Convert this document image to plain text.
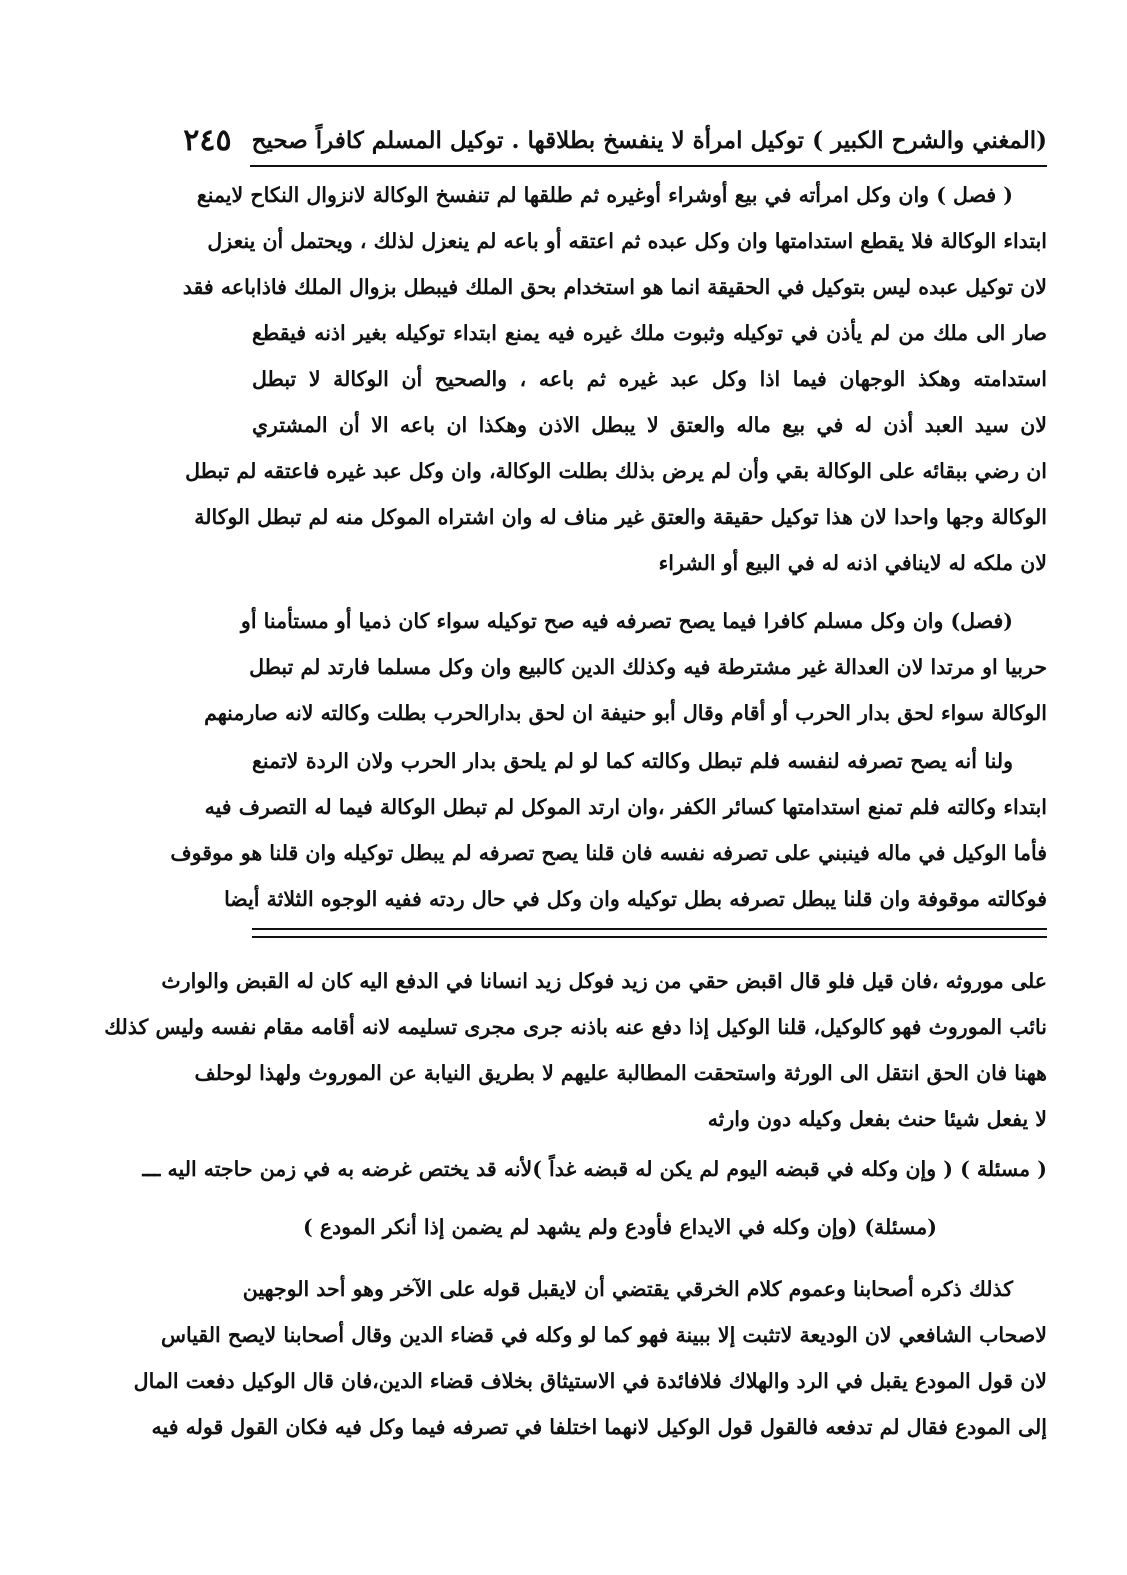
(المغني والشرح الكبير ) توكيل امرأة لا ينفسخ بطلاقها . توكيل المسلم كافراً صحيح
٢٤٥
( فصل ) وان وكل امرأته في بيع أوشراء أوغيره ثم طلقها لم تنفسخ الوكالة لانزوال النكاح لايمنع
ابتداء الوكالة فلا يقطع استدامتها وان وكل عبده ثم اعتقه أو باعه لم ينعزل لذلك ، ويحتمل أن ينعزل
لان توكيل عبده ليس بتوكيل في الحقيقة انما هو استخدام بحق الملك فيبطل بزوال الملك فاذاباعه فقد
صار الى ملك من لم يأذن في توكيله وثبوت ملك غيره فيه يمنع ابتداء توكيله بغير اذنه فيقطع
استدامته وهكذ الوجهان فيما اذا وكل عبد غيره ثم باعه ، والصحيح أن الوكالة لا تبطل
لان سيد العبد أذن له في بيع ماله والعتق لا يبطل الاذن وهكذا ان باعه الا أن المشتري
ان رضي ببقائه على الوكالة بقي وأن لم يرض بذلك بطلت الوكالة، وان وكل عبد غيره فاعتقه لم تبطل
الوكالة وجها واحدا لان هذا توكيل حقيقة والعتق غير مناف له وان اشتراه الموكل منه لم تبطل الوكالة
لان ملكه له لاينافي اذنه له في البيع أو الشراء
(فصل) وان وكل مسلم كافرا فيما يصح تصرفه فيه صح توكيله سواء كان ذميا أو مستأمنا أو
حربيا او مرتدا لان العدالة غير مشترطة فيه وكذلك الدين كالبيع وان وكل مسلما فارتد لم تبطل
الوكالة سواء لحق بدار الحرب أو أقام وقال أبو حنيفة ان لحق بدارالحرب بطلت وكالته لانه صارمنهم
ولنا أنه يصح تصرفه لنفسه فلم تبطل وكالته كما لو لم يلحق بدار الحرب ولان الردة لاتمنع
ابتداء وكالته فلم تمنع استدامتها كسائر الكفر ،وان ارتد الموكل لم تبطل الوكالة فيما له التصرف فيه
فأما الوكيل في ماله فينبني على تصرفه نفسه فان قلنا يصح تصرفه لم يبطل توكيله وان قلنا هو موقوف
فوكالته موقوفة وان قلنا يبطل تصرفه بطل توكيله وان وكل في حال ردته ففيه الوجوه الثلاثة أيضا
على موروثه ،فان قيل فلو قال اقبض حقي من زيد فوكل زيد انسانا في الدفع اليه كان له القبض والوارث
نائب الموروث فهو كالوكيل، قلنا الوكيل إذا دفع عنه باذنه جرى مجرى تسليمه لانه أقامه مقام نفسه وليس كذلك
ههنا فان الحق انتقل الى الورثة واستحقت المطالبة عليهم لا بطريق النيابة عن الموروث ولهذا لوحلف
لا يفعل شيئا حنث بفعل وكيله دون وارثه
( مسئلة ) ( وإن وكله في قبضه اليوم لم يكن له قبضه غداً )لأنه قد يختص غرضه به في زمن حاجته اليه ـــ
(مسئلة) (وإن وكله في الايداع فأودع ولم يشهد لم يضمن إذا أنكر المودع )
كذلك ذكره أصحابنا وعموم كلام الخرقي يقتضي أن لايقبل قوله على الآخر وهو أحد الوجهين
لاصحاب الشافعي لان الوديعة لاتثبت إلا ببينة فهو كما لو وكله في قضاء الدين وقال أصحابنا لايصح القياس
لان قول المودع يقبل في الرد والهلاك فلافائدة في الاستيثاق بخلاف قضاء الدين،فان قال الوكيل دفعت المال
إلى المودع فقال لم تدفعه فالقول قول الوكيل لانهما اختلفا في تصرفه فيما وكل فيه فكان القول قوله فيه
